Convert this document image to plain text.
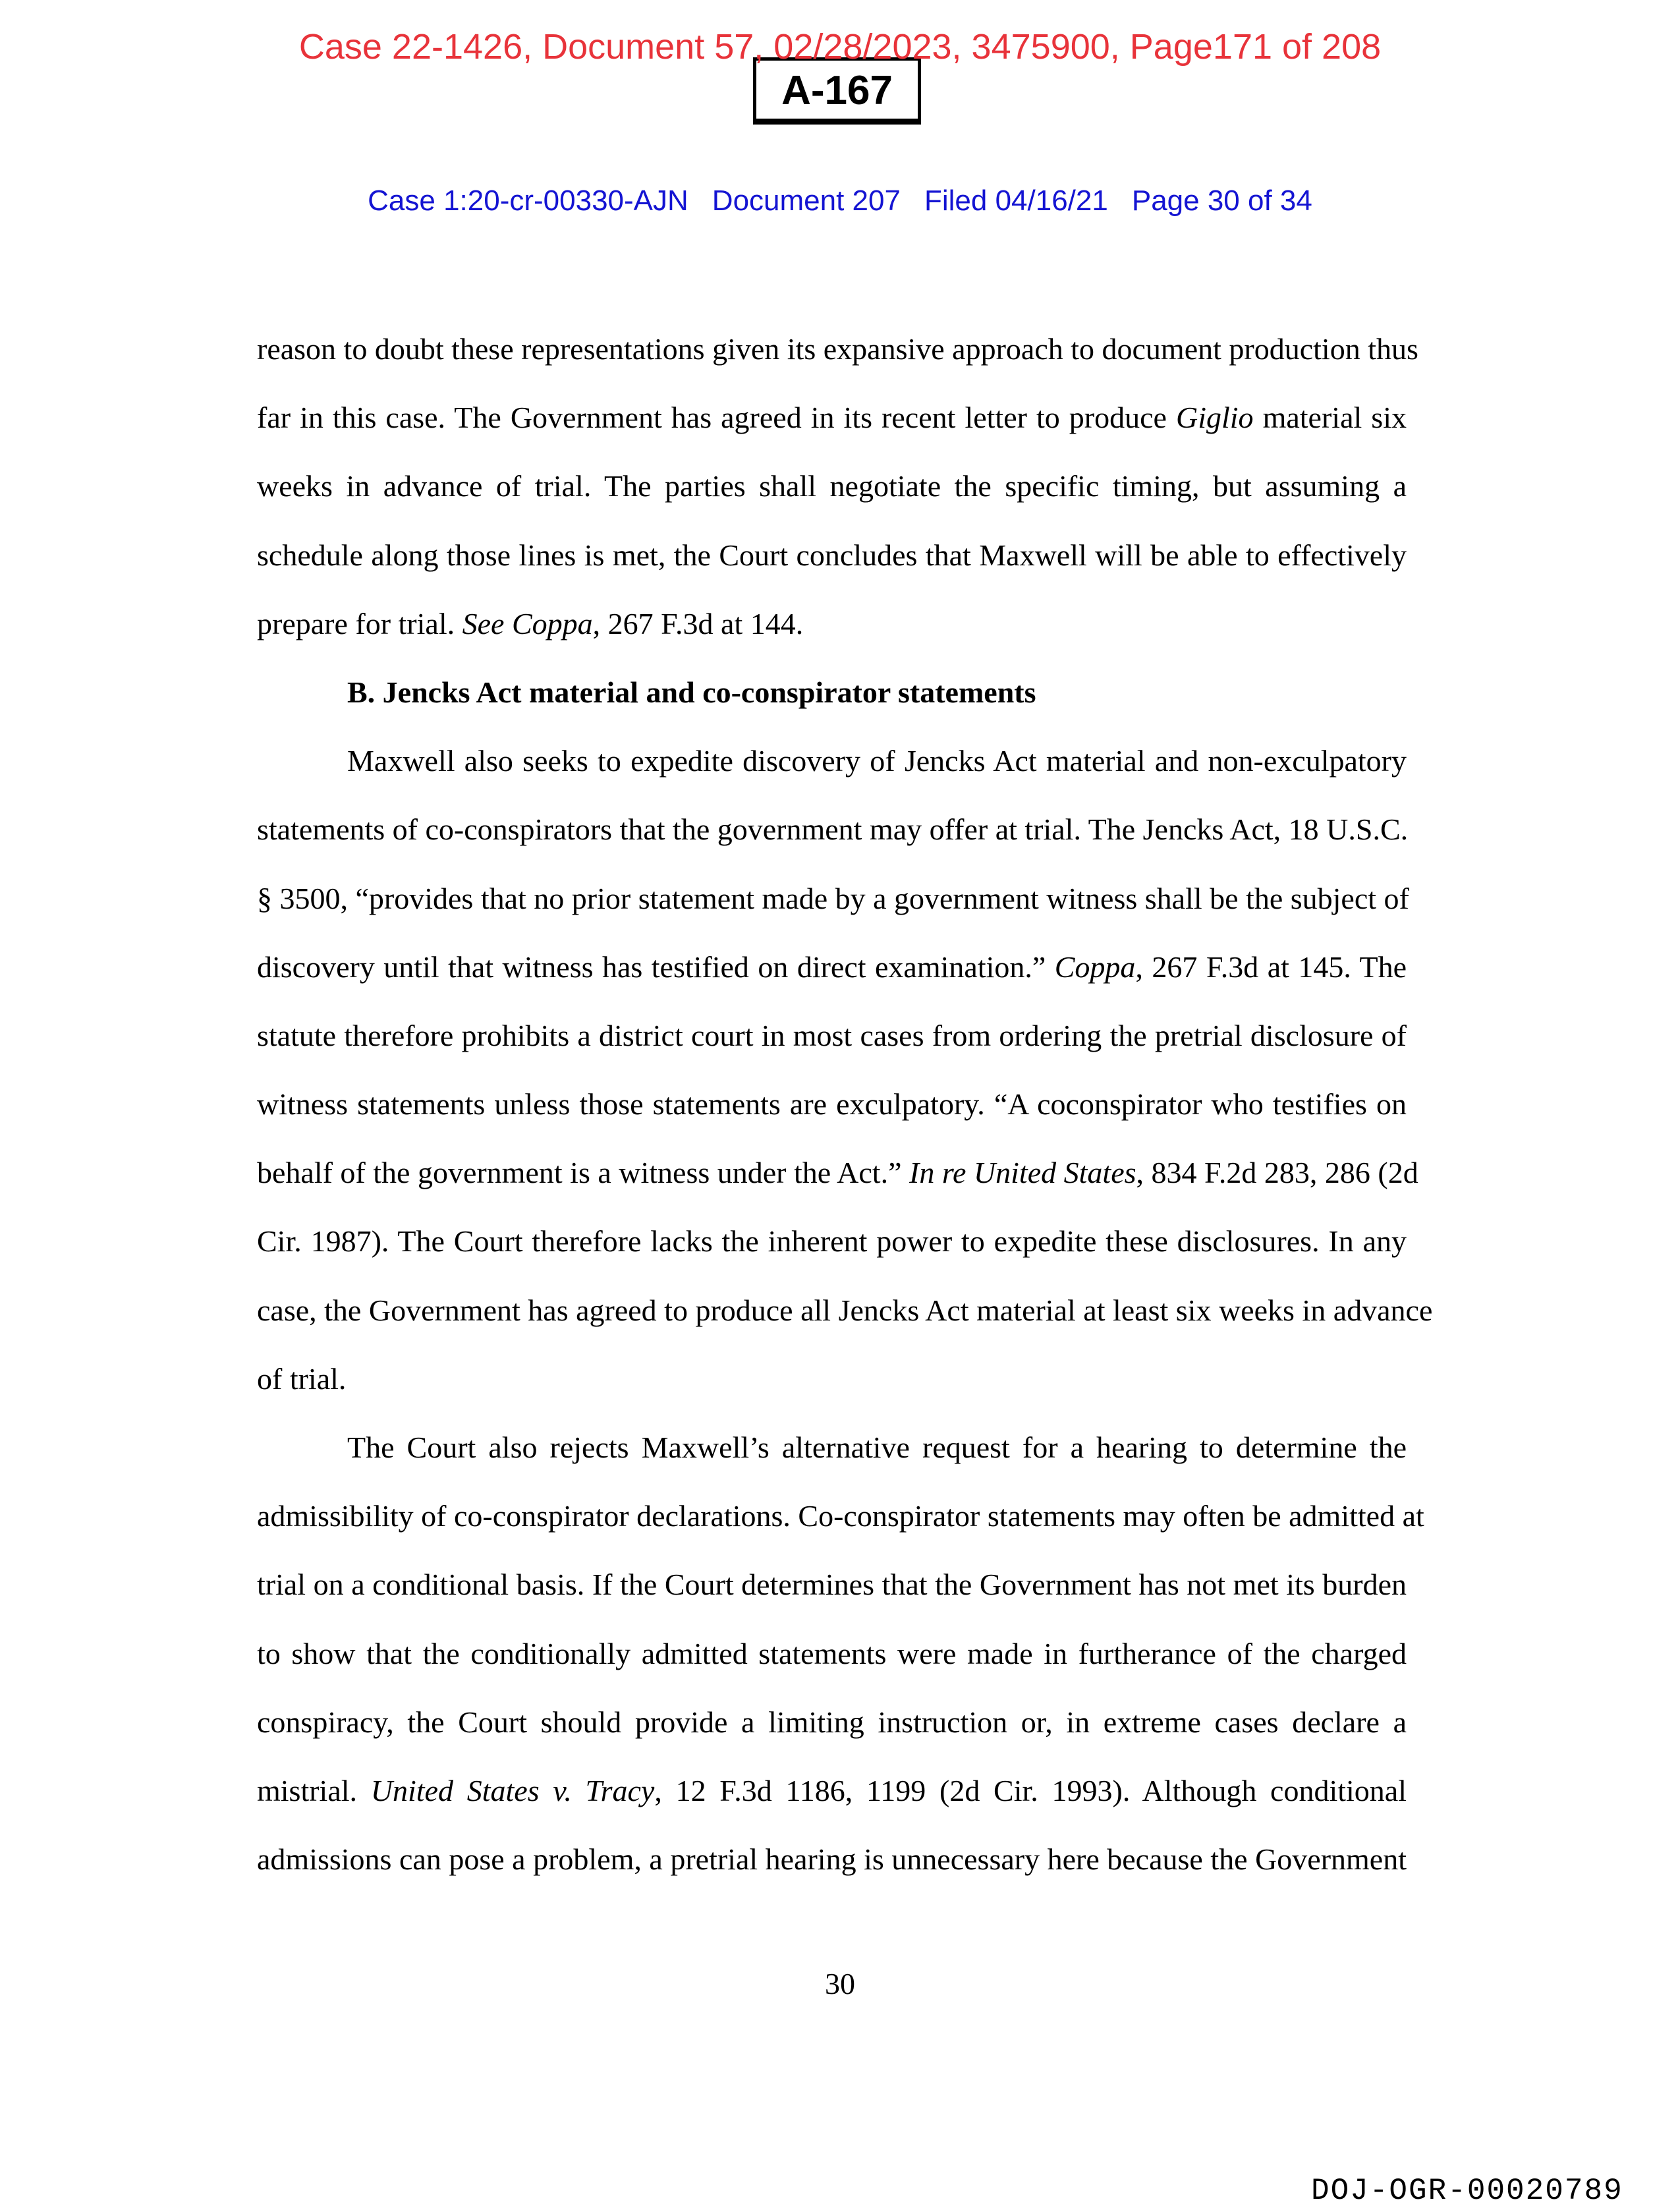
Case 22-1426, Document 57, 02/28/2023, 3475900, Page171 of 208
A-167
Case 1:20-cr-00330-AJN Document 207 Filed 04/16/21 Page 30 of 34
reason to doubt these representations given its expansive approach to document production thus
far in this case. The Government has agreed in its recent letter to produce Giglio material six
weeks in advance of trial. The parties shall negotiate the specific timing, but assuming a
schedule along those lines is met, the Court concludes that Maxwell will be able to effectively
prepare for trial. See Coppa, 267 F.3d at 144.
B. Jencks Act material and co-conspirator statements
Maxwell also seeks to expedite discovery of Jencks Act material and non-exculpatory
statements of co-conspirators that the government may offer at trial. The Jencks Act, 18 U.S.C.
§ 3500, “provides that no prior statement made by a government witness shall be the subject of
discovery until that witness has testified on direct examination.” Coppa, 267 F.3d at 145. The
statute therefore prohibits a district court in most cases from ordering the pretrial disclosure of
witness statements unless those statements are exculpatory. “A coconspirator who testifies on
behalf of the government is a witness under the Act.” In re United States, 834 F.2d 283, 286 (2d
Cir. 1987). The Court therefore lacks the inherent power to expedite these disclosures. In any
case, the Government has agreed to produce all Jencks Act material at least six weeks in advance
of trial.
The Court also rejects Maxwell’s alternative request for a hearing to determine the
admissibility of co-conspirator declarations. Co-conspirator statements may often be admitted at
trial on a conditional basis. If the Court determines that the Government has not met its burden
to show that the conditionally admitted statements were made in furtherance of the charged
conspiracy, the Court should provide a limiting instruction or, in extreme cases declare a
mistrial. United States v. Tracy, 12 F.3d 1186, 1199 (2d Cir. 1993). Although conditional
admissions can pose a problem, a pretrial hearing is unnecessary here because the Government
30
DOJ-OGR-00020789
